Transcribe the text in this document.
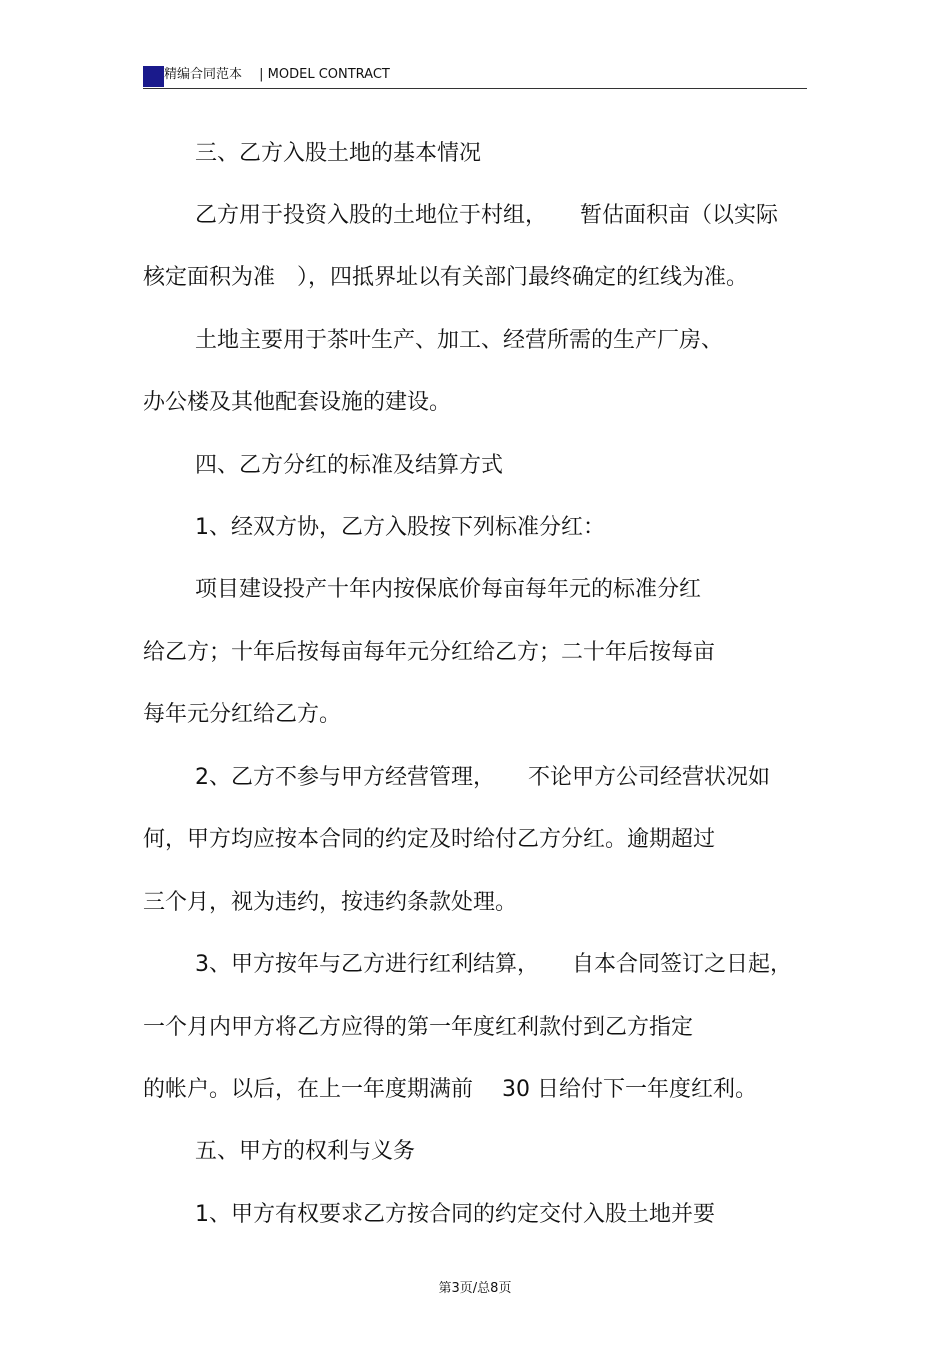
精编合同范本　 | MODEL CONTRACT
三、乙方入股土地的基本情况
乙方用于投资入股的土地位于村组，　　暂估面积亩（以实际
核定面积为准　），四抵界址以有关部门最终确定的红线为准。
土地主要用于茶叶生产、加工、经营所需的生产厂房、
办公楼及其他配套设施的建设。
四、乙方分红的标准及结算方式
1、经双方协，乙方入股按下列标准分红：
项目建设投产十年内按保底价每亩每年元的标准分红
给乙方；十年后按每亩每年元分红给乙方；二十年后按每亩
每年元分红给乙方。
2、乙方不参与甲方经营管理，　　不论甲方公司经营状况如
何，甲方均应按本合同的约定及时给付乙方分红。逾期超过
三个月，视为违约，按违约条款处理。
3、甲方按年与乙方进行红利结算，　　自本合同签订之日起，
一个月内甲方将乙方应得的第一年度红利款付到乙方指定
的帐户。以后，在上一年度期满前　 30 日给付下一年度红利。
五、甲方的权利与义务
1、甲方有权要求乙方按合同的约定交付入股土地并要
第3页/总8页
